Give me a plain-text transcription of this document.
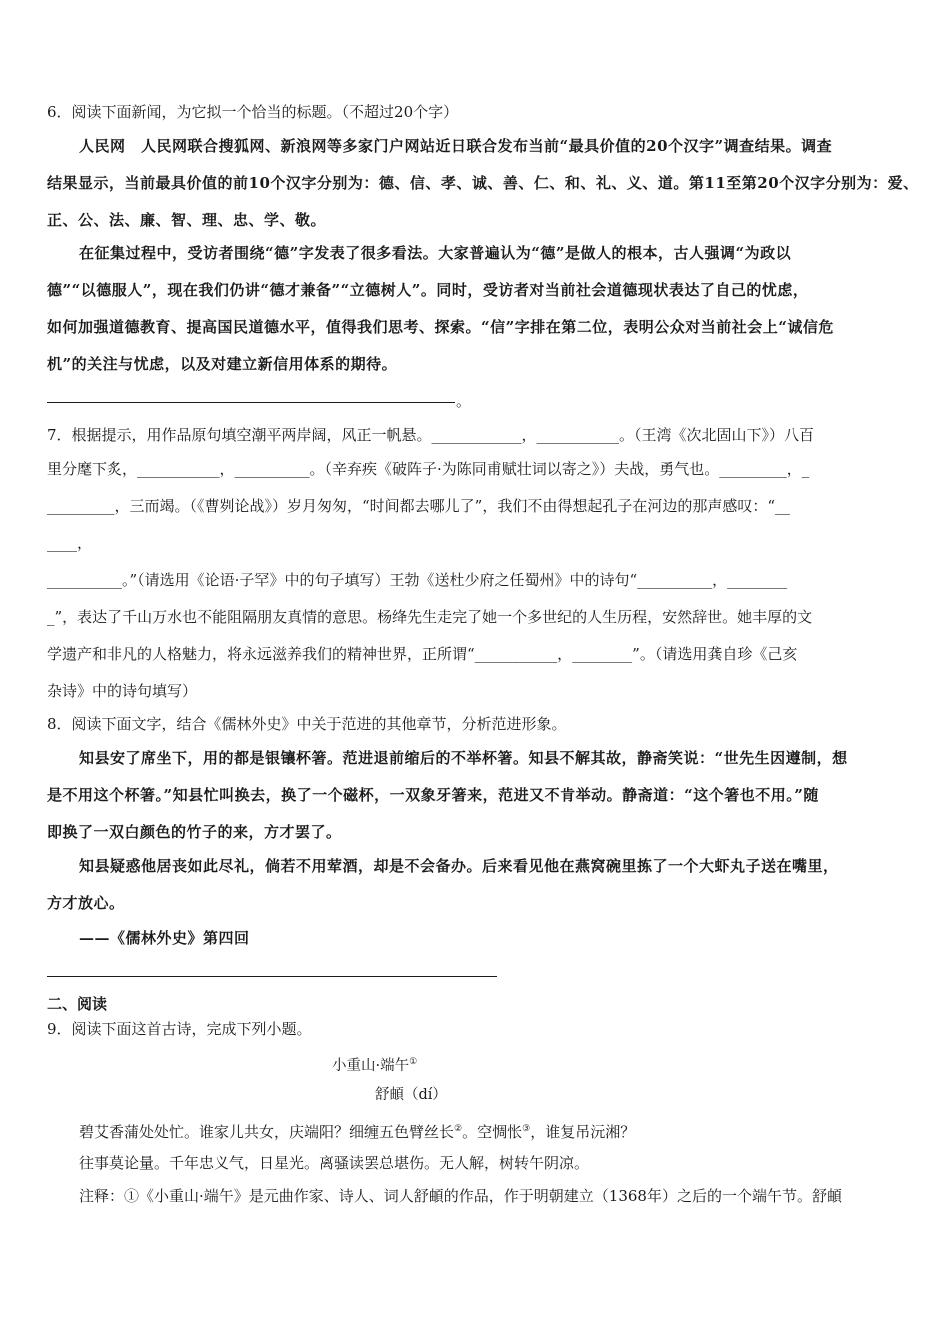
6．阅读下面新闻，为它拟一个恰当的标题。（不超过20个字）
人民网　人民网联合搜狐网、新浪网等多家门户网站近日联合发布当前“最具价值的20个汉字”调查结果。调查
结果显示，当前最具价值的前10个汉字分别为：德、信、孝、诚、善、仁、和、礼、义、道。第11至第20个汉字分别为：爱、
正、公、法、廉、智、理、忠、学、敬。
在征集过程中，受访者围绕“德”字发表了很多看法。大家普遍认为“德”是做人的根本，古人强调“为政以
德”“以德服人”，现在我们仍讲“德才兼备”“立德树人”。同时，受访者对当前社会道德现状表达了自己的忧虑，
如何加强道德教育、提高国民道德水平，值得我们思考、探索。“信”字排在第二位，表明公众对当前社会上“诚信危
机”的关注与忧虑，以及对建立新信用体系的期待。
。
7．根据提示，用作品原句填空潮平两岸阔，风正一帆悬。____________，___________。（王湾《次北固山下》）八百
里分麾下炙，___________，__________。（辛弃疾《破阵子·为陈同甫赋壮词以寄之》）夫战，勇气也。_________，_
_________，三而竭。（《曹刿论战》）岁月匆匆，“时间都去哪儿了”，我们不由得想起孔子在河边的那声感叹：“__
____，
__________。”（请选用《论语·子罕》中的句子填写）王勃《送杜少府之任蜀州》中的诗句“__________，________
_”，表达了千山万水也不能阻隔朋友真情的意思。杨绛先生走完了她一个多世纪的人生历程，安然辞世。她丰厚的文
学遗产和非凡的人格魅力，将永远滋养我们的精神世界，正所谓“___________，________”。（请选用龚自珍《己亥
杂诗》中的诗句填写）
8．阅读下面文字，结合《儒林外史》中关于范进的其他章节，分析范进形象。
知县安了席坐下，用的都是银镶杯箸。范进退前缩后的不举杯箸。知县不解其故，静斋笑说：“世先生因遵制，想
是不用这个杯箸。”知县忙叫换去，换了一个磁杯，一双象牙箸来，范进又不肯举动。静斋道：“这个箸也不用。”随
即换了一双白颜色的竹子的来，方才罢了。
知县疑惑他居丧如此尽礼，倘若不用荤酒，却是不会备办。后来看见他在燕窝碗里拣了一个大虾丸子送在嘴里，
方才放心。
——《儒林外史》第四回
二、阅读
9．阅读下面这首古诗，完成下列小题。
小重山·端午①
舒頔（dí）
碧艾香蒲处处忙。谁家儿共女，庆端阳？细缠五色臂丝长②。空惆怅③，谁复吊沅湘？
往事莫论量。千年忠义气，日星光。离骚读罢总堪伤。无人解，树转午阴凉。
注释：①《小重山·端午》是元曲作家、诗人、词人舒頔的作品，作于明朝建立（1368年）之后的一个端午节。舒頔
